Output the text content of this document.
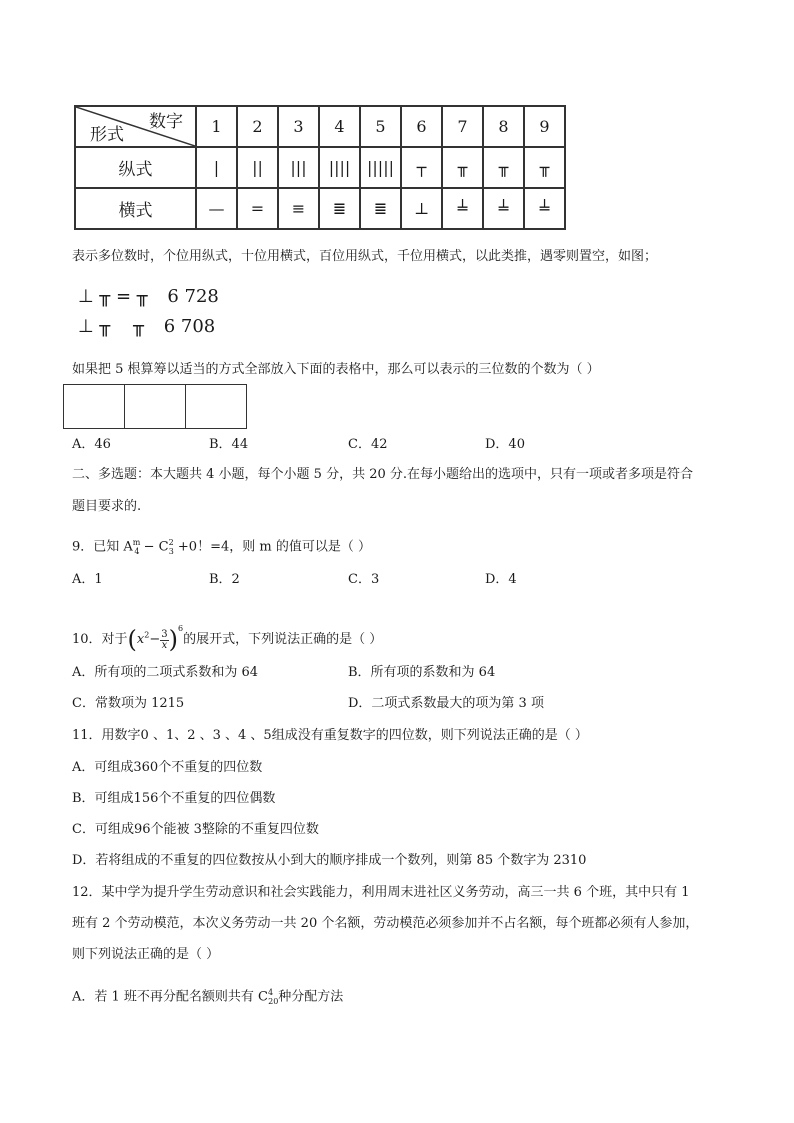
数字
形式	1	2	3	4	5	6	7	8	9
纵式	|	||	|||	||||	|||||	┬	╥	╥	╥
横式	—	=	≡	≣	≣	⊥	╧	╧	╧
表示多位数时，个位用纵式，十位用横式，百位用纵式，千位用横式，以此类推，遇零则置空，如图；
⊥ ╥ = ╥ 6 728
⊥ ╥    ╥ 6 708
如果把 5 根算筹以适当的方式全部放入下面的表格中，那么可以表示的三位数的个数为（ ）

A．46	B．44	C．42	D．40
二、多选题：本大题共 4 小题，每个小题 5 分，共 20 分.在每小题给出的选项中，只有一项或者多项是符合
题目要求的.
9．已知 $A^m_4 - C^2_3 +0$！=4，则 m 的值可以是（ ）
A．1	B．2	C．3	D．4
10．对于$(x^2-\frac{3}{x})^6$的展开式，下列说法正确的是（ ）
A．所有项的二项式系数和为 64	B．所有项的系数和为 64
C．常数项为 1215	D．二项式系数最大的项为第 3 项
11．用数字0 、1、2 、3 、4 、5组成没有重复数字的四位数，则下列说法正确的是（ ）
A．可组成360个不重复的四位数
B．可组成156个不重复的四位偶数
C．可组成96个能被 3整除的不重复四位数
D．若将组成的不重复的四位数按从小到大的顺序排成一个数列，则第 85 个数字为 2310
12．某中学为提升学生劳动意识和社会实践能力，利用周末进社区义务劳动，高三一共 6 个班，其中只有 1
班有 2 个劳动模范，本次义务劳动一共 20 个名额，劳动模范必须参加并不占名额，每个班都必须有人参加，
则下列说法正确的是（ ）
A．若 1 班不再分配名额则共有 $C^4_{20}$种分配方法
